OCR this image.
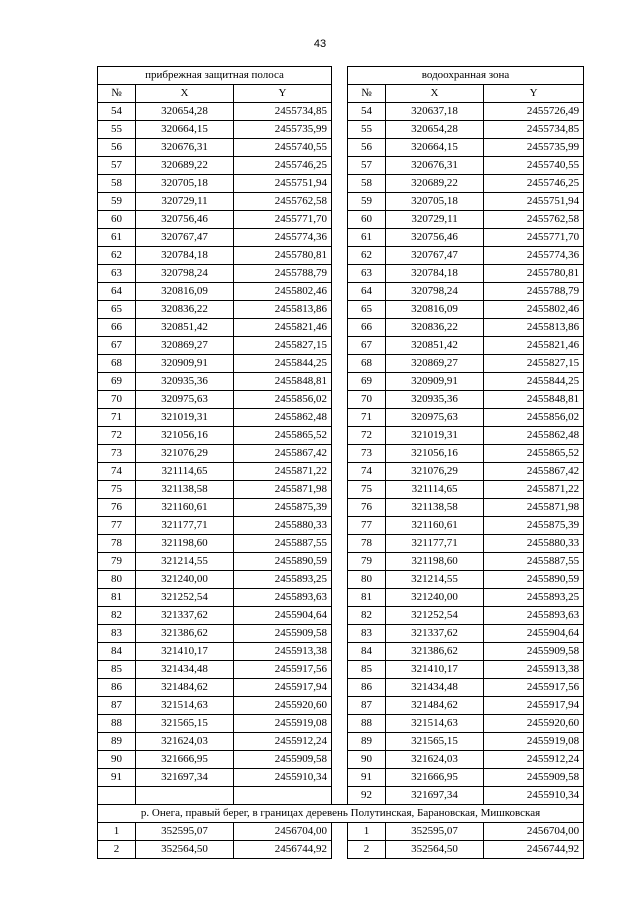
43
прибрежная защитная полоса				водоохранная зона		
№	X	Y		№	X	Y
54	320654,28	2455734,85		54	320637,18	2455726,49
55	320664,15	2455735,99		55	320654,28	2455734,85
56	320676,31	2455740,55		56	320664,15	2455735,99
57	320689,22	2455746,25		57	320676,31	2455740,55
58	320705,18	2455751,94		58	320689,22	2455746,25
59	320729,11	2455762,58		59	320705,18	2455751,94
60	320756,46	2455771,70		60	320729,11	2455762,58
61	320767,47	2455774,36		61	320756,46	2455771,70
62	320784,18	2455780,81		62	320767,47	2455774,36
63	320798,24	2455788,79		63	320784,18	2455780,81
64	320816,09	2455802,46		64	320798,24	2455788,79
65	320836,22	2455813,86		65	320816,09	2455802,46
66	320851,42	2455821,46		66	320836,22	2455813,86
67	320869,27	2455827,15		67	320851,42	2455821,46
68	320909,91	2455844,25		68	320869,27	2455827,15
69	320935,36	2455848,81		69	320909,91	2455844,25
70	320975,63	2455856,02		70	320935,36	2455848,81
71	321019,31	2455862,48		71	320975,63	2455856,02
72	321056,16	2455865,52		72	321019,31	2455862,48
73	321076,29	2455867,42		73	321056,16	2455865,52
74	321114,65	2455871,22		74	321076,29	2455867,42
75	321138,58	2455871,98		75	321114,65	2455871,22
76	321160,61	2455875,39		76	321138,58	2455871,98
77	321177,71	2455880,33		77	321160,61	2455875,39
78	321198,60	2455887,55		78	321177,71	2455880,33
79	321214,55	2455890,59		79	321198,60	2455887,55
80	321240,00	2455893,25		80	321214,55	2455890,59
81	321252,54	2455893,63		81	321240,00	2455893,25
82	321337,62	2455904,64		82	321252,54	2455893,63
83	321386,62	2455909,58		83	321337,62	2455904,64
84	321410,17	2455913,38		84	321386,62	2455909,58
85	321434,48	2455917,56		85	321410,17	2455913,38
86	321484,62	2455917,94		86	321434,48	2455917,56
87	321514,63	2455920,60		87	321484,62	2455917,94
88	321565,15	2455919,08		88	321514,63	2455920,60
89	321624,03	2455912,24		89	321565,15	2455919,08
90	321666,95	2455909,58		90	321624,03	2455912,24
91	321697,34	2455910,34		91	321666,95	2455909,58
				92	321697,34	2455910,34
р. Онега, правый берег, в границах деревень Полутинская, Барановская, Мишковская						
1	352595,07	2456704,00		1	352595,07	2456704,00
2	352564,50	2456744,92		2	352564,50	2456744,92
